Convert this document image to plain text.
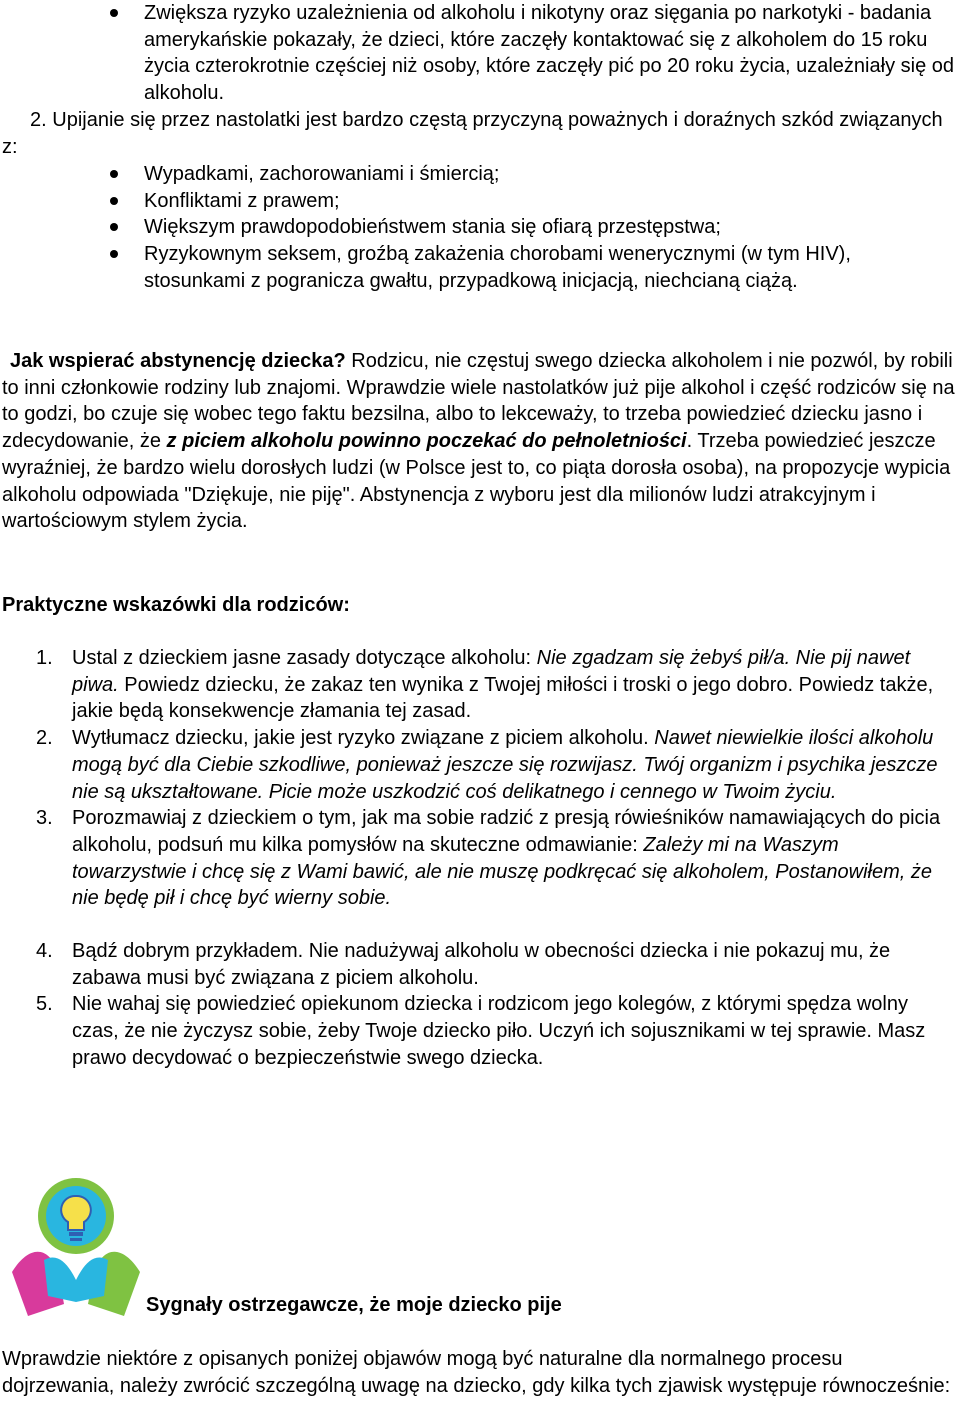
Zwiększa ryzyko uzależnienia od alkoholu i nikotyny oraz sięgania po narkotyki - badania amerykańskie pokazały, że dzieci, które zaczęły kontaktować się z alkoholem do 15 roku życia czterokrotnie częściej niż osoby, które zaczęły pić po 20 roku życia, uzależniały się od alkoholu.
2. Upijanie się przez nastolatki jest bardzo częstą przyczyną poważnych i doraźnych szkód związanych z:
Wypadkami, zachorowaniami i śmiercią;
Konfliktami z prawem;
Większym prawdopodobieństwem stania się ofiarą przestępstwa;
Ryzykownym seksem, groźbą zakażenia chorobami wenerycznymi (w tym HIV), stosunkami z pogranicza gwałtu, przypadkową inicjacją, niechcianą ciążą.

Jak wspierać abstynencję dziecka? Rodzicu, nie częstuj swego dziecka alkoholem i nie pozwól, by robili to inni członkowie rodziny lub znajomi. Wprawdzie wiele nastolatków już pije alkohol i część rodziców się na to godzi, bo czuje się wobec tego faktu bezsilna, albo to lekceważy, to trzeba powiedzieć dziecku jasno i zdecydowanie, że z piciem alkoholu powinno poczekać do pełnoletniości. Trzeba powiedzieć jeszcze wyraźniej, że bardzo wielu dorosłych ludzi (w Polsce jest to, co piąta dorosła osoba), na propozycje wypicia alkoholu odpowiada "Dziękuje, nie piję". Abstynencja z wyboru jest dla milionów ludzi atrakcyjnym i wartościowym stylem życia.

Praktyczne wskazówki dla rodziców:
1. Ustal z dzieckiem jasne zasady dotyczące alkoholu: Nie zgadzam się żebyś pił/a. Nie pij nawet piwa. Powiedz dziecku, że zakaz ten wynika z Twojej miłości i troski o jego dobro. Powiedz także, jakie będą konsekwencje złamania tej zasad.
2. Wytłumacz dziecku, jakie jest ryzyko związane z piciem alkoholu. Nawet niewielkie ilości alkoholu mogą być dla Ciebie szkodliwe, ponieważ jeszcze się rozwijasz. Twój organizm i psychika jeszcze nie są ukształtowane. Picie może uszkodzić coś delikatnego i cennego w Twoim życiu.
3. Porozmawiaj z dzieckiem o tym, jak ma sobie radzić z presją rówieśników namawiających do picia alkoholu, podsuń mu kilka pomysłów na skuteczne odmawianie: Zależy mi na Waszym towarzystwie i chcę się z Wami bawić, ale nie muszę podkręcać się alkoholem, Postanowiłem, że nie będę pił i chcę być wierny sobie.
4. Bądź dobrym przykładem. Nie nadużywaj alkoholu w obecności dziecka i nie pokazuj mu, że zabawa musi być związana z piciem alkoholu.
5. Nie wahaj się powiedzieć opiekunom dziecka i rodzicom jego kolegów, z którymi spędza wolny czas, że nie życzysz sobie, żeby Twoje dziecko piło. Uczyń ich sojusznikami w tej sprawie. Masz prawo decydować o bezpieczeństwie swego dziecka.
Sygnały ostrzegawcze, że moje dziecko pije

Wprawdzie niektóre z opisanych poniżej objawów mogą być naturalne dla normalnego procesu dojrzewania, należy zwrócić szczególną uwagę na dziecko, gdy kilka tych zjawisk występuje równocześnie:
